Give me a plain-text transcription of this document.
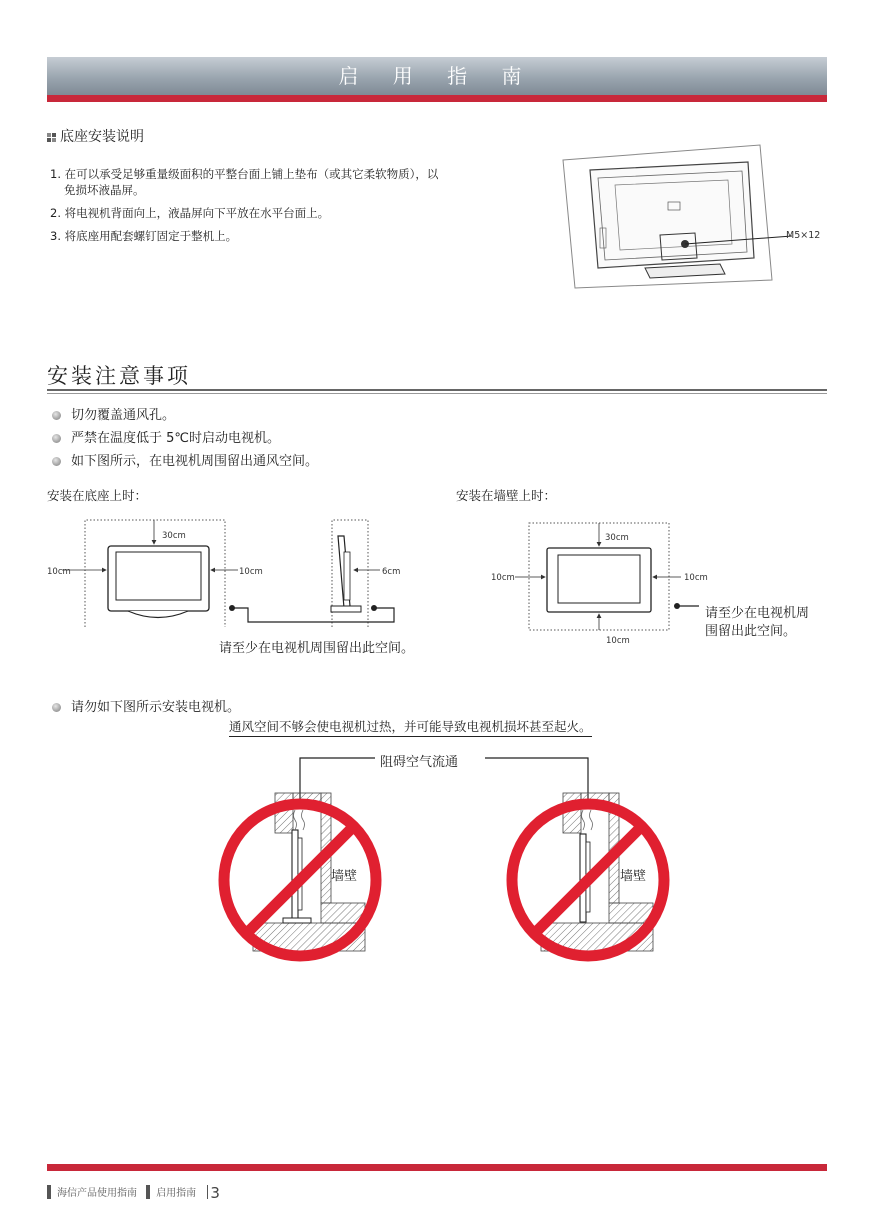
启 用 指 南
底座安装说明
1. 在可以承受足够重量级面积的平整台面上铺上垫布（或其它柔软物质），以
免损坏液晶屏。
2. 将电视机背面向上，液晶屏向下平放在水平台面上。
3. 将底座用配套螺钉固定于整机上。	M5×12
安装注意事项
切勿覆盖通风孔。
严禁在温度低于 5℃时启动电视机。
如下图所示，在电视机周围留出通风空间。
安装在底座上时：	安装在墙壁上时：
30cm
10cm	10cm	6cm
请至少在电视机周围留出此空间。
30cm
10cm	10cm
10cm
请至少在电视机周
围留出此空间。
请勿如下图所示安装电视机。
通风空间不够会使电视机过热，并可能导致电视机损坏甚至起火。
阻碍空气流通
墙壁	墙壁
海信产品使用指南 启用指南 3
